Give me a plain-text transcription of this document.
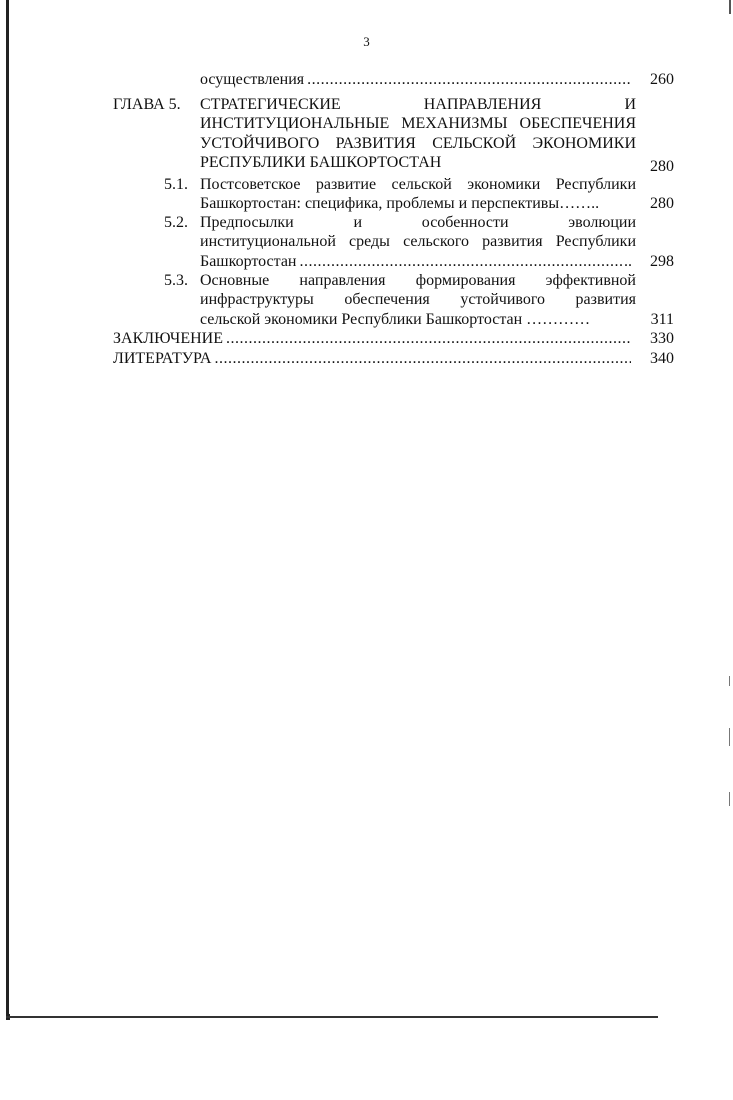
3
осуществления .....	260
ГЛАВА 5. СТРАТЕГИЧЕСКИЕ НАПРАВЛЕНИЯ И
ИНСТИТУЦИОНАЛЬНЫЕ МЕХАНИЗМЫ ОБЕСПЕЧЕНИЯ
УСТОЙЧИВОГО РАЗВИТИЯ СЕЛЬСКОЙ ЭКОНОМИКИ
РЕСПУБЛИКИ БАШКОРТОСТАН	280
5.1. Постсоветское развитие сельской экономики Республики
Башкортостан: специфика, проблемы и перспективы……..	280
5.2. Предпосылки и особенности эволюции
институциональной среды сельского развития Республики
Башкортостан .....	.. 298
5.3. Основные направления формирования эффективной
инфраструктуры обеспечения устойчивого развития
сельской экономики Республики Башкортостан …………	311
ЗАКЛЮЧЕНИЕ .....	330
ЛИТЕРАТУРА .....	340
